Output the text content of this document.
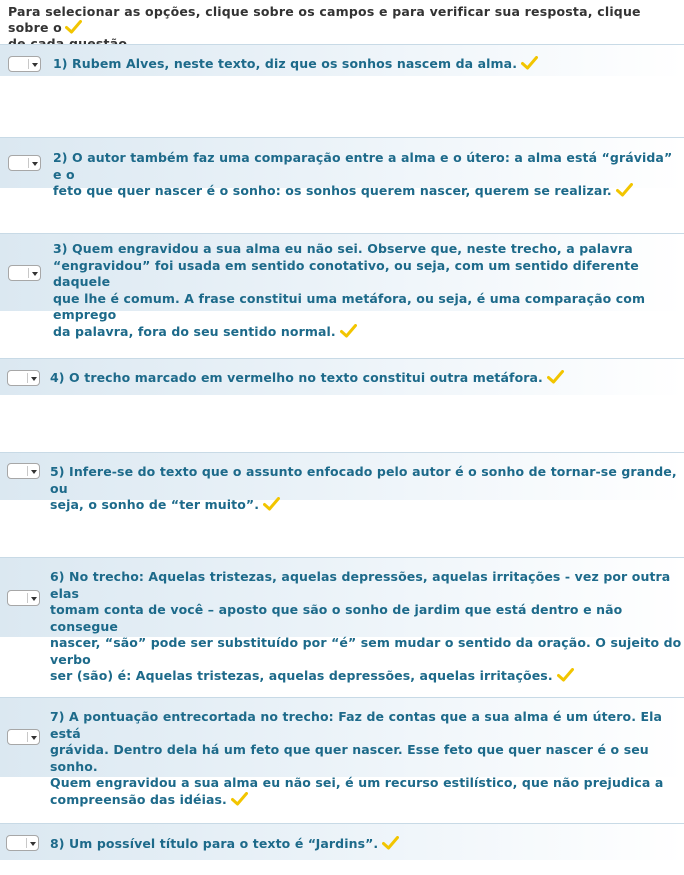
Para selecionar as opções, clique sobre os campos e para verificar sua resposta, clique sobre o
1) Rubem Alves, neste texto, diz que os sonhos nascem da alma.
2) O autor também faz uma comparação entre a alma e o útero: a alma está “grávida” e o
feto que quer nascer é o sonho: os sonhos querem nascer, querem se realizar.
3) Quem engravidou a sua alma eu não sei. Observe que, neste trecho, a palavra
“engravidou” foi usada em sentido conotativo, ou seja, com um sentido diferente daquele
que lhe é comum. A frase constitui uma metáfora, ou seja, é uma comparação com emprego
da palavra, fora do seu sentido normal.
4) O trecho marcado em vermelho no texto constitui outra metáfora.
5) Infere-se do texto que o assunto enfocado pelo autor é o sonho de tornar-se grande, ou
seja, o sonho de “ter muito”.
6) No trecho: Aquelas tristezas, aquelas depressões, aquelas irritações - vez por outra elas
tomam conta de você – aposto que são o sonho de jardim que está dentro e não consegue
nascer, “são” pode ser substituído por “é” sem mudar o sentido da oração. O sujeito do verbo
ser (são) é: Aquelas tristezas, aquelas depressões, aquelas irritações.
7) A pontuação entrecortada no trecho: Faz de contas que a sua alma é um útero. Ela está
grávida. Dentro dela há um feto que quer nascer. Esse feto que quer nascer é o seu sonho.
Quem engravidou a sua alma eu não sei, é um recurso estilístico, que não prejudica a
compreensão das idéias.
8) Um possível título para o texto é “Jardins”.
